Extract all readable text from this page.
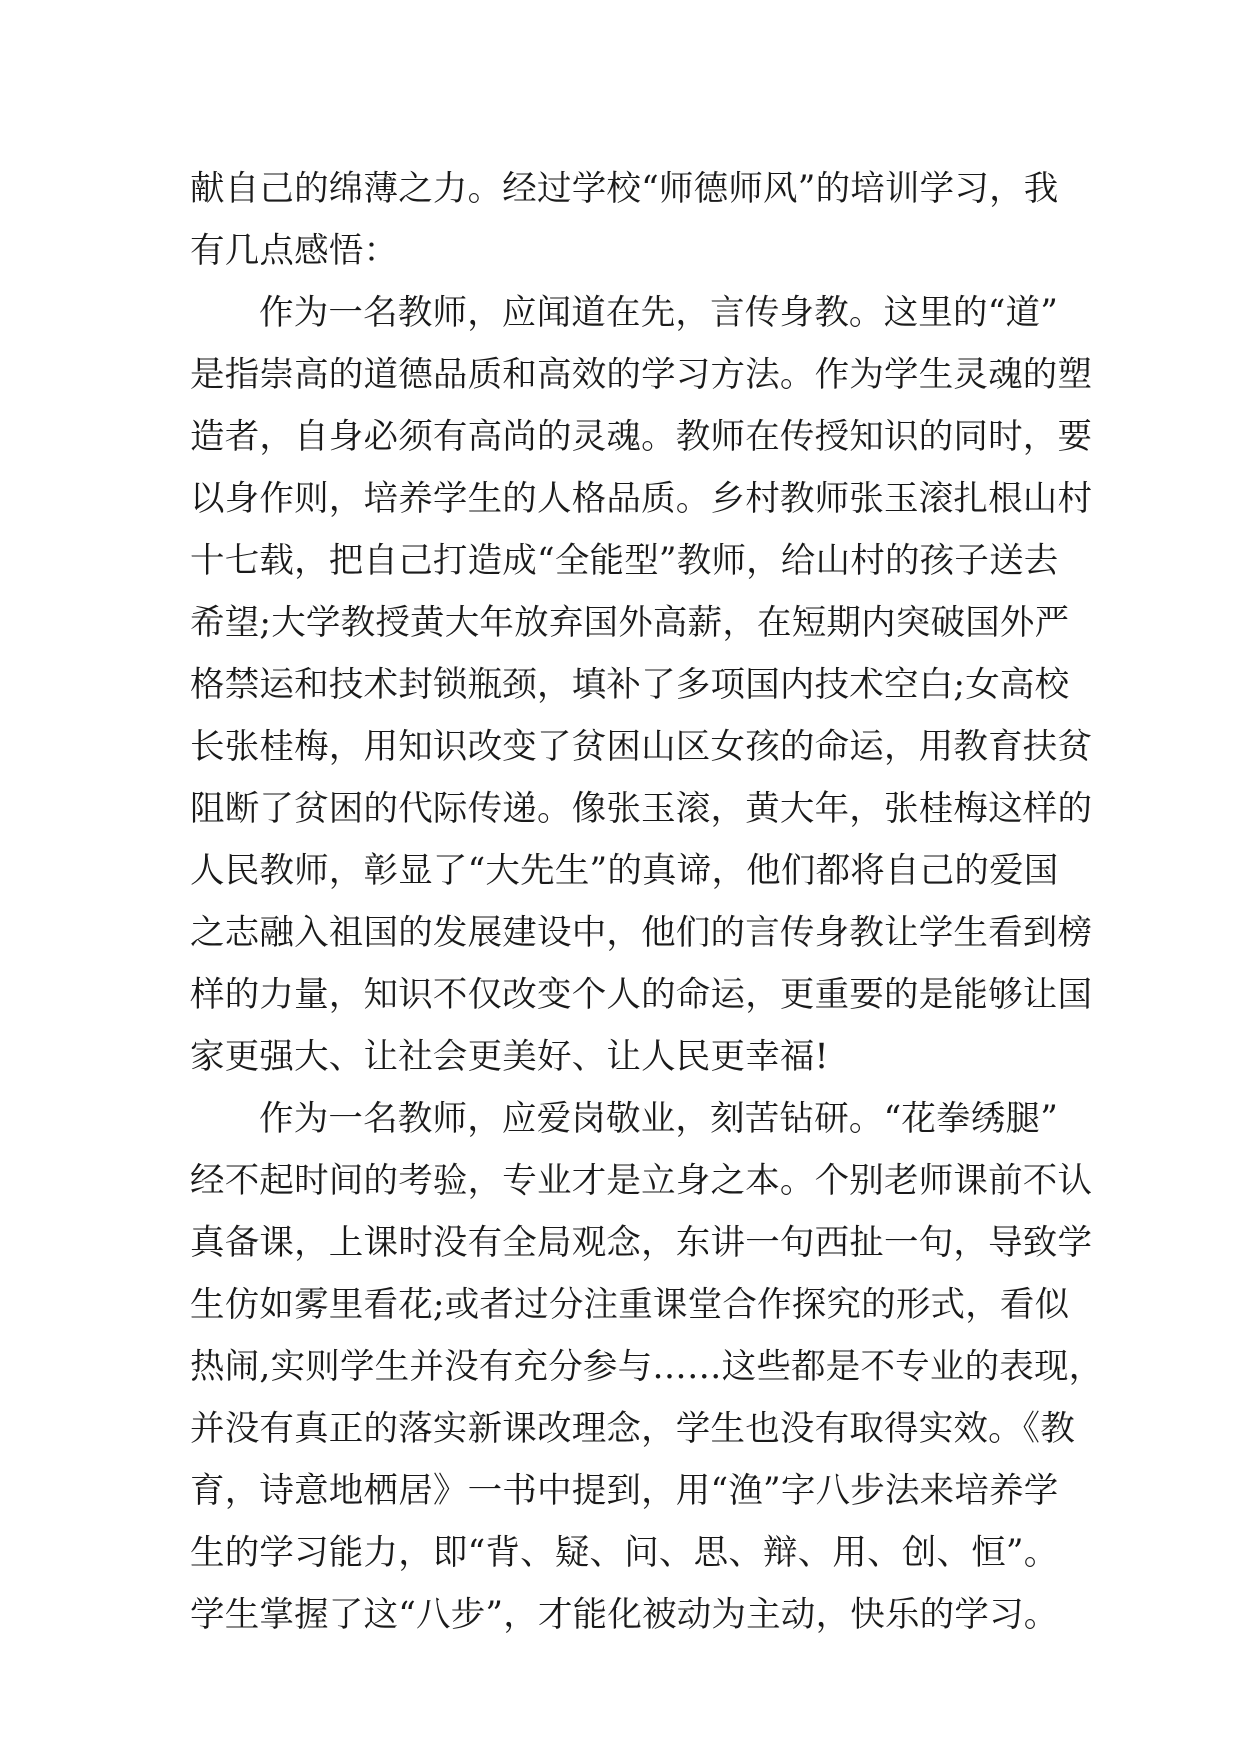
献自己的绵薄之力。经过学校“师德师风”的培训学习，我
有几点感悟：
作为一名教师，应闻道在先，言传身教。这里的“道”
是指崇高的道德品质和高效的学习方法。作为学生灵魂的塑
造者，自身必须有高尚的灵魂。教师在传授知识的同时，要
以身作则，培养学生的人格品质。乡村教师张玉滚扎根山村
十七载，把自己打造成“全能型”教师，给山村的孩子送去
希望;大学教授黄大年放弃国外高薪，在短期内突破国外严
格禁运和技术封锁瓶颈，填补了多项国内技术空白;女高校
长张桂梅，用知识改变了贫困山区女孩的命运，用教育扶贫
阻断了贫困的代际传递。像张玉滚，黄大年，张桂梅这样的
人民教师，彰显了“大先生”的真谛，他们都将自己的爱国
之志融入祖国的发展建设中，他们的言传身教让学生看到榜
样的力量，知识不仅改变个人的命运，更重要的是能够让国
家更强大、让社会更美好、让人民更幸福!
作为一名教师，应爱岗敬业，刻苦钻研。“花拳绣腿”
经不起时间的考验，专业才是立身之本。个别老师课前不认
真备课，上课时没有全局观念，东讲一句西扯一句，导致学
生仿如雾里看花;或者过分注重课堂合作探究的形式，看似
热闹,实则学生并没有充分参与……这些都是不专业的表现，
并没有真正的落实新课改理念，学生也没有取得实效。《教
育，诗意地栖居》一书中提到，用“渔”字八步法来培养学
生的学习能力，即“背、疑、问、思、辩、用、创、恒”。
学生掌握了这“八步”，才能化被动为主动，快乐的学习。
